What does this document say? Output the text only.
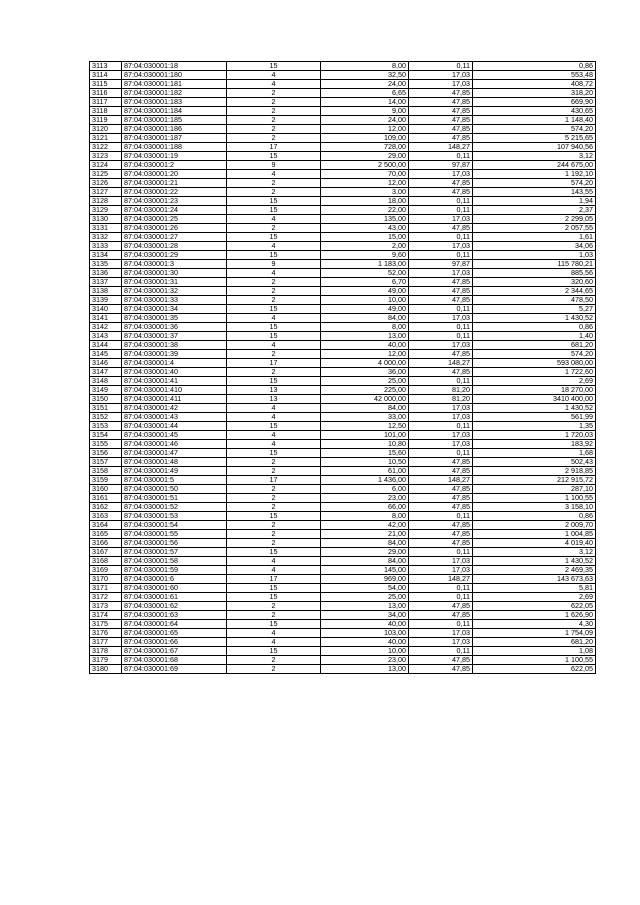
3113	87:04:030001:18	15	8,00	0,11	0,86
3114	87:04:030001:180	4	32,50	17,03	553,48
3115	87:04:030001:181	4	24,00	17,03	408,72
3116	87:04:030001:182	2	6,65	47,85	318,20
3117	87:04:030001:183	2	14,00	47,85	669,90
3118	87:04:030001:184	2	9,00	47,85	430,65
3119	87:04:030001:185	2	24,00	47,85	1 148,40
3120	87:04:030001:186	2	12,00	47,85	574,20
3121	87:04:030001:187	2	109,00	47,85	5 215,65
3122	87:04:030001:188	17	728,00	148,27	107 940,56
3123	87:04:030001:19	15	29,00	0,11	3,12
3124	87:04:030001:2	9	2 500,00	97,87	244 675,00
3125	87:04:030001:20	4	70,00	17,03	1 192,10
3126	87:04:030001:21	2	12,00	47,85	574,20
3127	87:04:030001:22	2	3,00	47,85	143,55
3128	87:04:030001:23	15	18,00	0,11	1,94
3129	87:04:030001:24	15	22,00	0,11	2,37
3130	87:04:030001:25	4	135,00	17,03	2 299,05
3131	87:04:030001:26	2	43,00	47,85	2 057,55
3132	87:04:030001:27	15	15,00	0,11	1,61
3133	87:04:030001:28	4	2,00	17,03	34,06
3134	87:04:030001:29	15	9,60	0,11	1,03
3135	87:04:030001:3	9	1 183,00	97,87	115 780,21
3136	87:04:030001:30	4	52,00	17,03	885,56
3137	87:04:030001:31	2	6,70	47,85	320,60
3138	87:04:030001:32	2	49,00	47,85	2 344,65
3139	87:04:030001:33	2	10,00	47,85	478,50
3140	87:04:030001:34	15	49,00	0,11	5,27
3141	87:04:030001:35	4	84,00	17,03	1 430,52
3142	87:04:030001:36	15	8,00	0,11	0,86
3143	87:04:030001:37	15	13,00	0,11	1,40
3144	87:04:030001:38	4	40,00	17,03	681,20
3145	87:04:030001:39	2	12,00	47,85	574,20
3146	87:04:030001:4	17	4 000,00	148,27	593 080,00
3147	87:04:030001:40	2	36,00	47,85	1 722,60
3148	87:04:030001:41	15	25,00	0,11	2,69
3149	87:04:030001:410	13	225,00	81,20	18 270,00
3150	87:04:030001:411	13	42 000,00	81,20	3410 400,00
3151	87:04:030001:42	4	84,00	17,03	1 430,52
3152	87:04:030001:43	4	33,00	17,03	561,99
3153	87:04:030001:44	15	12,50	0,11	1,35
3154	87:04:030001:45	4	101,00	17,03	1 720,03
3155	87:04:030001:46	4	10,80	17,03	183,92
3156	87:04:030001:47	15	15,60	0,11	1,68
3157	87:04:030001:48	2	10,50	47,85	502,43
3158	87:04:030001:49	2	61,00	47,85	2 918,85
3159	87:04:030001:5	17	1 436,00	148,27	212 915,72
3160	87:04:030001:50	2	6,00	47,85	287,10
3161	87:04:030001:51	2	23,00	47,85	1 100,55
3162	87:04:030001:52	2	66,00	47,85	3 158,10
3163	87:04:030001:53	15	8,00	0,11	0,86
3164	87:04:030001:54	2	42,00	47,85	2 009,70
3165	87:04:030001:55	2	21,00	47,85	1 004,85
3166	87:04:030001:56	2	84,00	47,85	4 019,40
3167	87:04:030001:57	15	29,00	0,11	3,12
3168	87:04:030001:58	4	84,00	17,03	1 430,52
3169	87:04:030001:59	4	145,00	17,03	2 469,35
3170	87:04:030001:6	17	969,00	148,27	143 673,63
3171	87:04:030001:60	15	54,00	0,11	5,81
3172	87:04:030001:61	15	25,00	0,11	2,69
3173	87:04:030001:62	2	13,00	47,85	622,05
3174	87:04:030001:63	2	34,00	47,85	1 626,90
3175	87:04:030001:64	15	40,00	0,11	4,30
3176	87:04:030001:65	4	103,00	17,03	1 754,09
3177	87:04:030001:66	4	40,00	17,03	681,20
3178	87:04:030001:67	15	10,00	0,11	1,08
3179	87:04:030001:68	2	23,00	47,85	1 100,55
3180	87:04:030001:69	2	13,00	47,85	622,05
